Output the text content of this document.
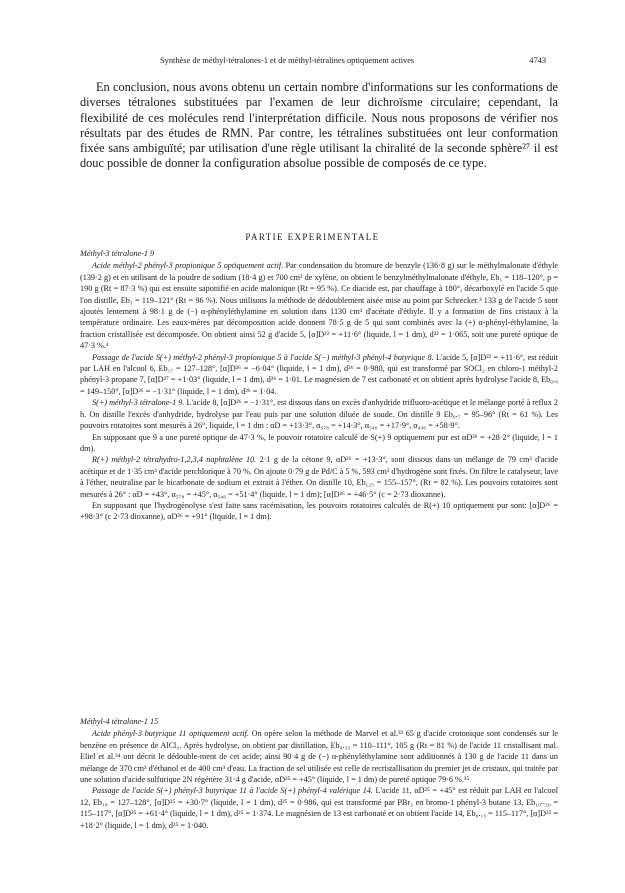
Synthèse de méthyl-tétralones-1 et de méthyl-tétralines optiquement actives	4743

En conclusion, nous avons obtenu un certain nombre d'informations sur les conformations de diverses tétralones substituées par l'examen de leur dichroïsme circulaire; cependant, la flexibilité de ces molécules rend l'interprétation difficile. Nous nous proposons de vérifier nos résultats par des études de RMN. Par contre, les tétralines substituées ont leur conformation fixée sans ambiguïté; par utilisation d'une règle utilisant la chiralité de la seconde sphère²⁷ il est douc possible de donner la configuration absolue possible de composés de ce type.

PARTIE EXPERIMENTALE

Méthyl-3 tétralone-1 9

Acide méthyl-2 phényl-3 propionique 5 optiquement actif. Par condensation du bromure de benzyle (136·8 g) sur le méthylmalonate d'éthyle (139·2 g) et en utilisant de la poudre de sodium (18·4 g) et 700 cm³ de xylène, on obtient le benzylméthylmalonate d'éthyle, Eb₁ = 118–120°, p = 190 g (Rt = 87·3 %) qui est ensuite saponifié en acide malonique (Rt = 95 %). Ce diacide est, par chauffage à 180°, décarboxylé en l'acide 5 que l'on distille, Eb₁ = 119–121° (Rt = 96 %). Nous utilisons la méthode de dédoublement aisée mise au point par Schrecker.³ 133 g de l'acide 5 sont ajoutés lentement à 98·1 g de (−) α-phényléthylamine en solution dans 1130 cm³ d'acétate d'éthyle. Il y a formation de fins cristaux à la température ordinaire. Les eaux-mères par décomposition acide donnent 78·5 g de 5 qui sont combinés avec la (+) α-phényl-éthylamine, la fraction cristallisée est décomposée. On obtient ainsi 52 g d'acide 5, [α]D²² = +11·6° (liquide, l = 1 dm), d²² = 1·065, soit une pureté optique de 47·3 %.³

Passage de l'acide S(+) méthyl-2 phényl-3 propionique 5 à l'acide S(−) méthyl-3 phényl-4 butyrique 8. L'acide 5, [α]D²² = +11·6°, est réduit par LAH en l'alcool 6, Eb₁₇ = 127–128°, [α]D²⁶ = −6·04° (liquide, l = 1 dm), d²⁶ = 0·980, qui est transformé par SOCl₂ en chloro-1 méthyl-2 phényl-3 propane 7, [α]D²⁷ = +1·03° (liquide, l = 1 dm), d²⁶ = 1·01. Le magnésien de 7 est carbonaté et on obtient après hydrolyse l'acide 8, Eb₀.₈ = 149–150°, [α]D²⁶ = −1·31° (liquide, l = 1 dm), d²⁶ = 1·04.

S(+) méthyl-3 tétralone-1 9. L'acide 8, [α]D²⁶ = −1·31°, est dissous dans un excès d'anhydride trifluoro-acétique et le mélange porté à reflux 2 h. On distille l'excès d'anhydride, hydrolyse par l'eau puis par une solution diluée de soude. On distille 9 Eb₀.₇ = 95–96° (Rt = 61 %). Les pouvoirs rotatoires sont mesurés à 26°, liquide, l = 1 dm : αD = +13·3°, α₅₇₈ = +14·3°, α₅₄₆ = +17·9°, α₄₃₆ = +58·9°.

En supposant que 9 a une pureté optique de 47·3 %, le pouvoir rotatoire calculé de S(+) 9 optiquement pur est αD²⁶ = +28·2° (liquide, l = 1 dm).

R(+) méthyl-2 tétrahydro-1,2,3,4 naphtalène 10. 2·1 g de la cétone 9, αD²⁶ = +13·3°, sont dissous dans un mélange de 79 cm³ d'acide acétique et de 1·35 cm³ d'acide perchlorique à 70 %. On ajoute 0·79 g de Pd/C à 5 %, 593 cm³ d'hydrogène sont fixés. On filtre le catalyseur, lave à l'éther, neutralise par le bicarbonate de sodium et extrait à l'éther. On distille 10, Eb₁₂₅ = 155–157°, (Rt = 82 %). Les pouvoirs rotatoires sont mesurés à 26° : αD = +43°, α₅₇₈ = +45°, α₅₄₆ = +51·4° (liquide, l = 1 dm); [α]D²⁶ = +46·5° (c = 2·73 dioxanne).

En supposant que l'hydrogénolyse s'est faite sans racémisation, les pouvoirs rotatoires calculés de R(+) 10 optiquement pur sont: [α]D²⁶ = +98·3° (c 2·73 dioxanne), αD²⁶ = +91° (liquide, l = 1 dm).

Méthyl-4 tétralone-1 15

Acide phényl-3 butyrique 11 optiquement actif. On opère selon la méthode de Marvel et al.³³ 65 g d'acide crotonique sont condensés sur le benzène en présence de AlCl₃. Après hydrolyse, on obtient par distillation, Eb₀.₃₅ = 110–111°, 105 g (Rt = 81 %) de l'acide 11 cristallisant mal. Eliel et al.³⁴ ont décrit le dédouble-ment de cet acide; ainsi 90·4 g de (−) α-phényléthylamine sont additionnés à 130 g de l'acide 11 dans un mélange de 370 cm³ d'éthanol et de 400 cm³ d'eau. La fraction de sel utilisée est celle de recristallisation du premier jet de cristaux, qui traitée par une solution d'acide sulfurique 2N régénère 31·4 g d'acide, αD²⁵ = +45° (liquide, l = 1 dm) de pureté optique 79·6 %.³⁵

Passage de l'acide S(+) phényl-3 butyrique 11 à l'acide S(+) phényl-4 valérique 14. L'acide 11, αD²⁵ = +45° est réduit par LAH en l'alcool 12, Eb₁₈ = 127–128°, [α]D²⁵ = +30·7° (liquide, l = 1 dm), d²⁵ = 0·986, qui est transformé par PBr₃ en bromo-1 phényl-3 butane 13, Eb₁₉–₂₀ = 115–117°, [α]D²⁵ = +61·4° (liquide, l = 1 dm), d²⁵ = 1·374. Le magnésien de 13 est carbonaté et on obtient l'acide 14, Eb₀.₁₅ = 115–117°, [α]D²⁵ = +18·2° (liquide, l = 1 dm), d²⁵ = 1·040.
